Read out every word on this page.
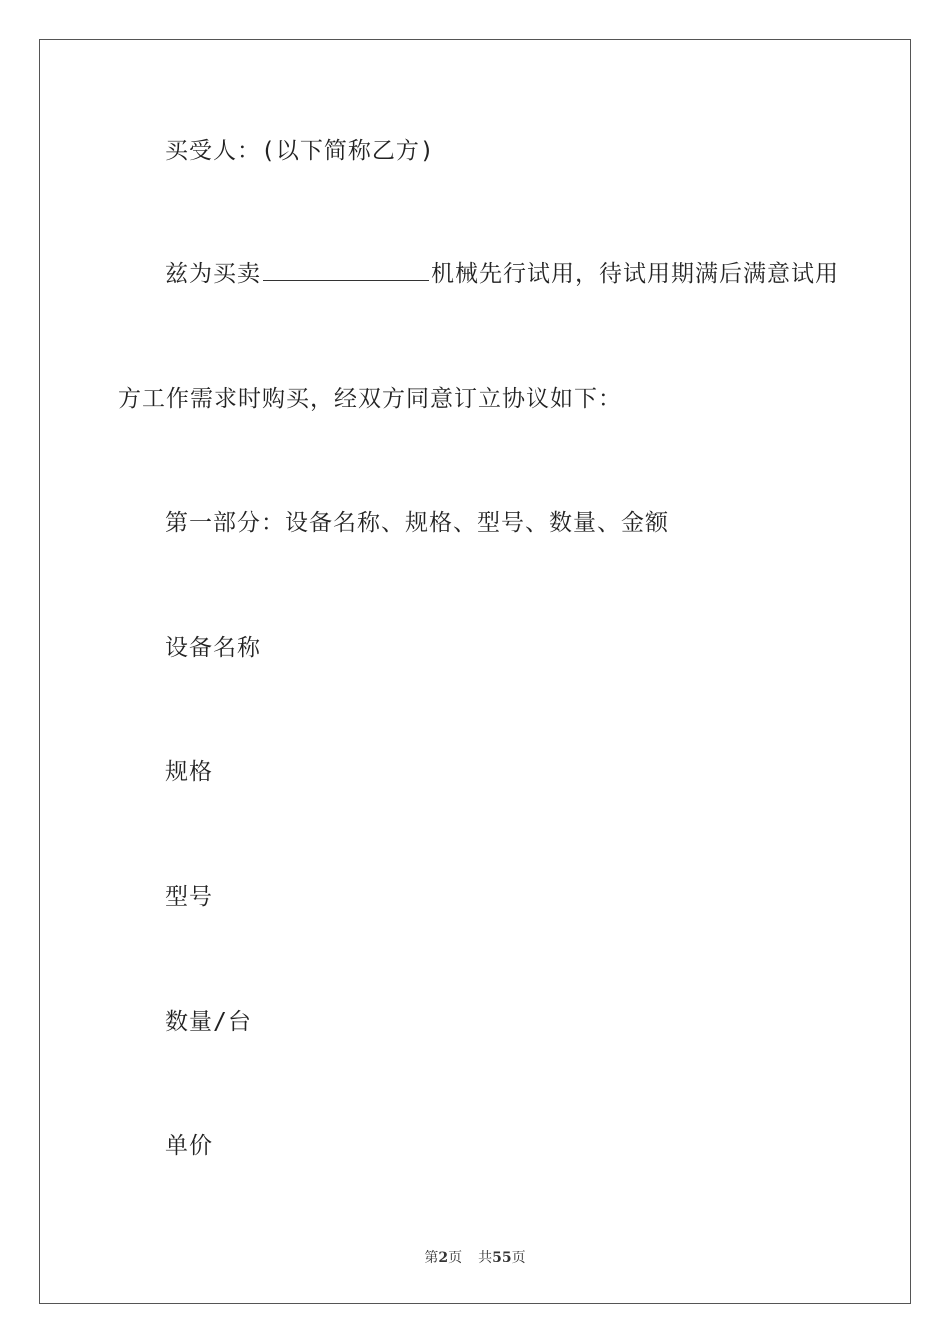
买受人：(以下简称乙方)

兹为买卖	机械先行试用，待试用期满后满意试用

方工作需求时购买，经双方同意订立协议如下：

第一部分：设备名称、规格、型号、数量、金额

设备名称

规格

型号

数量/台

单价

第2页 共55页
